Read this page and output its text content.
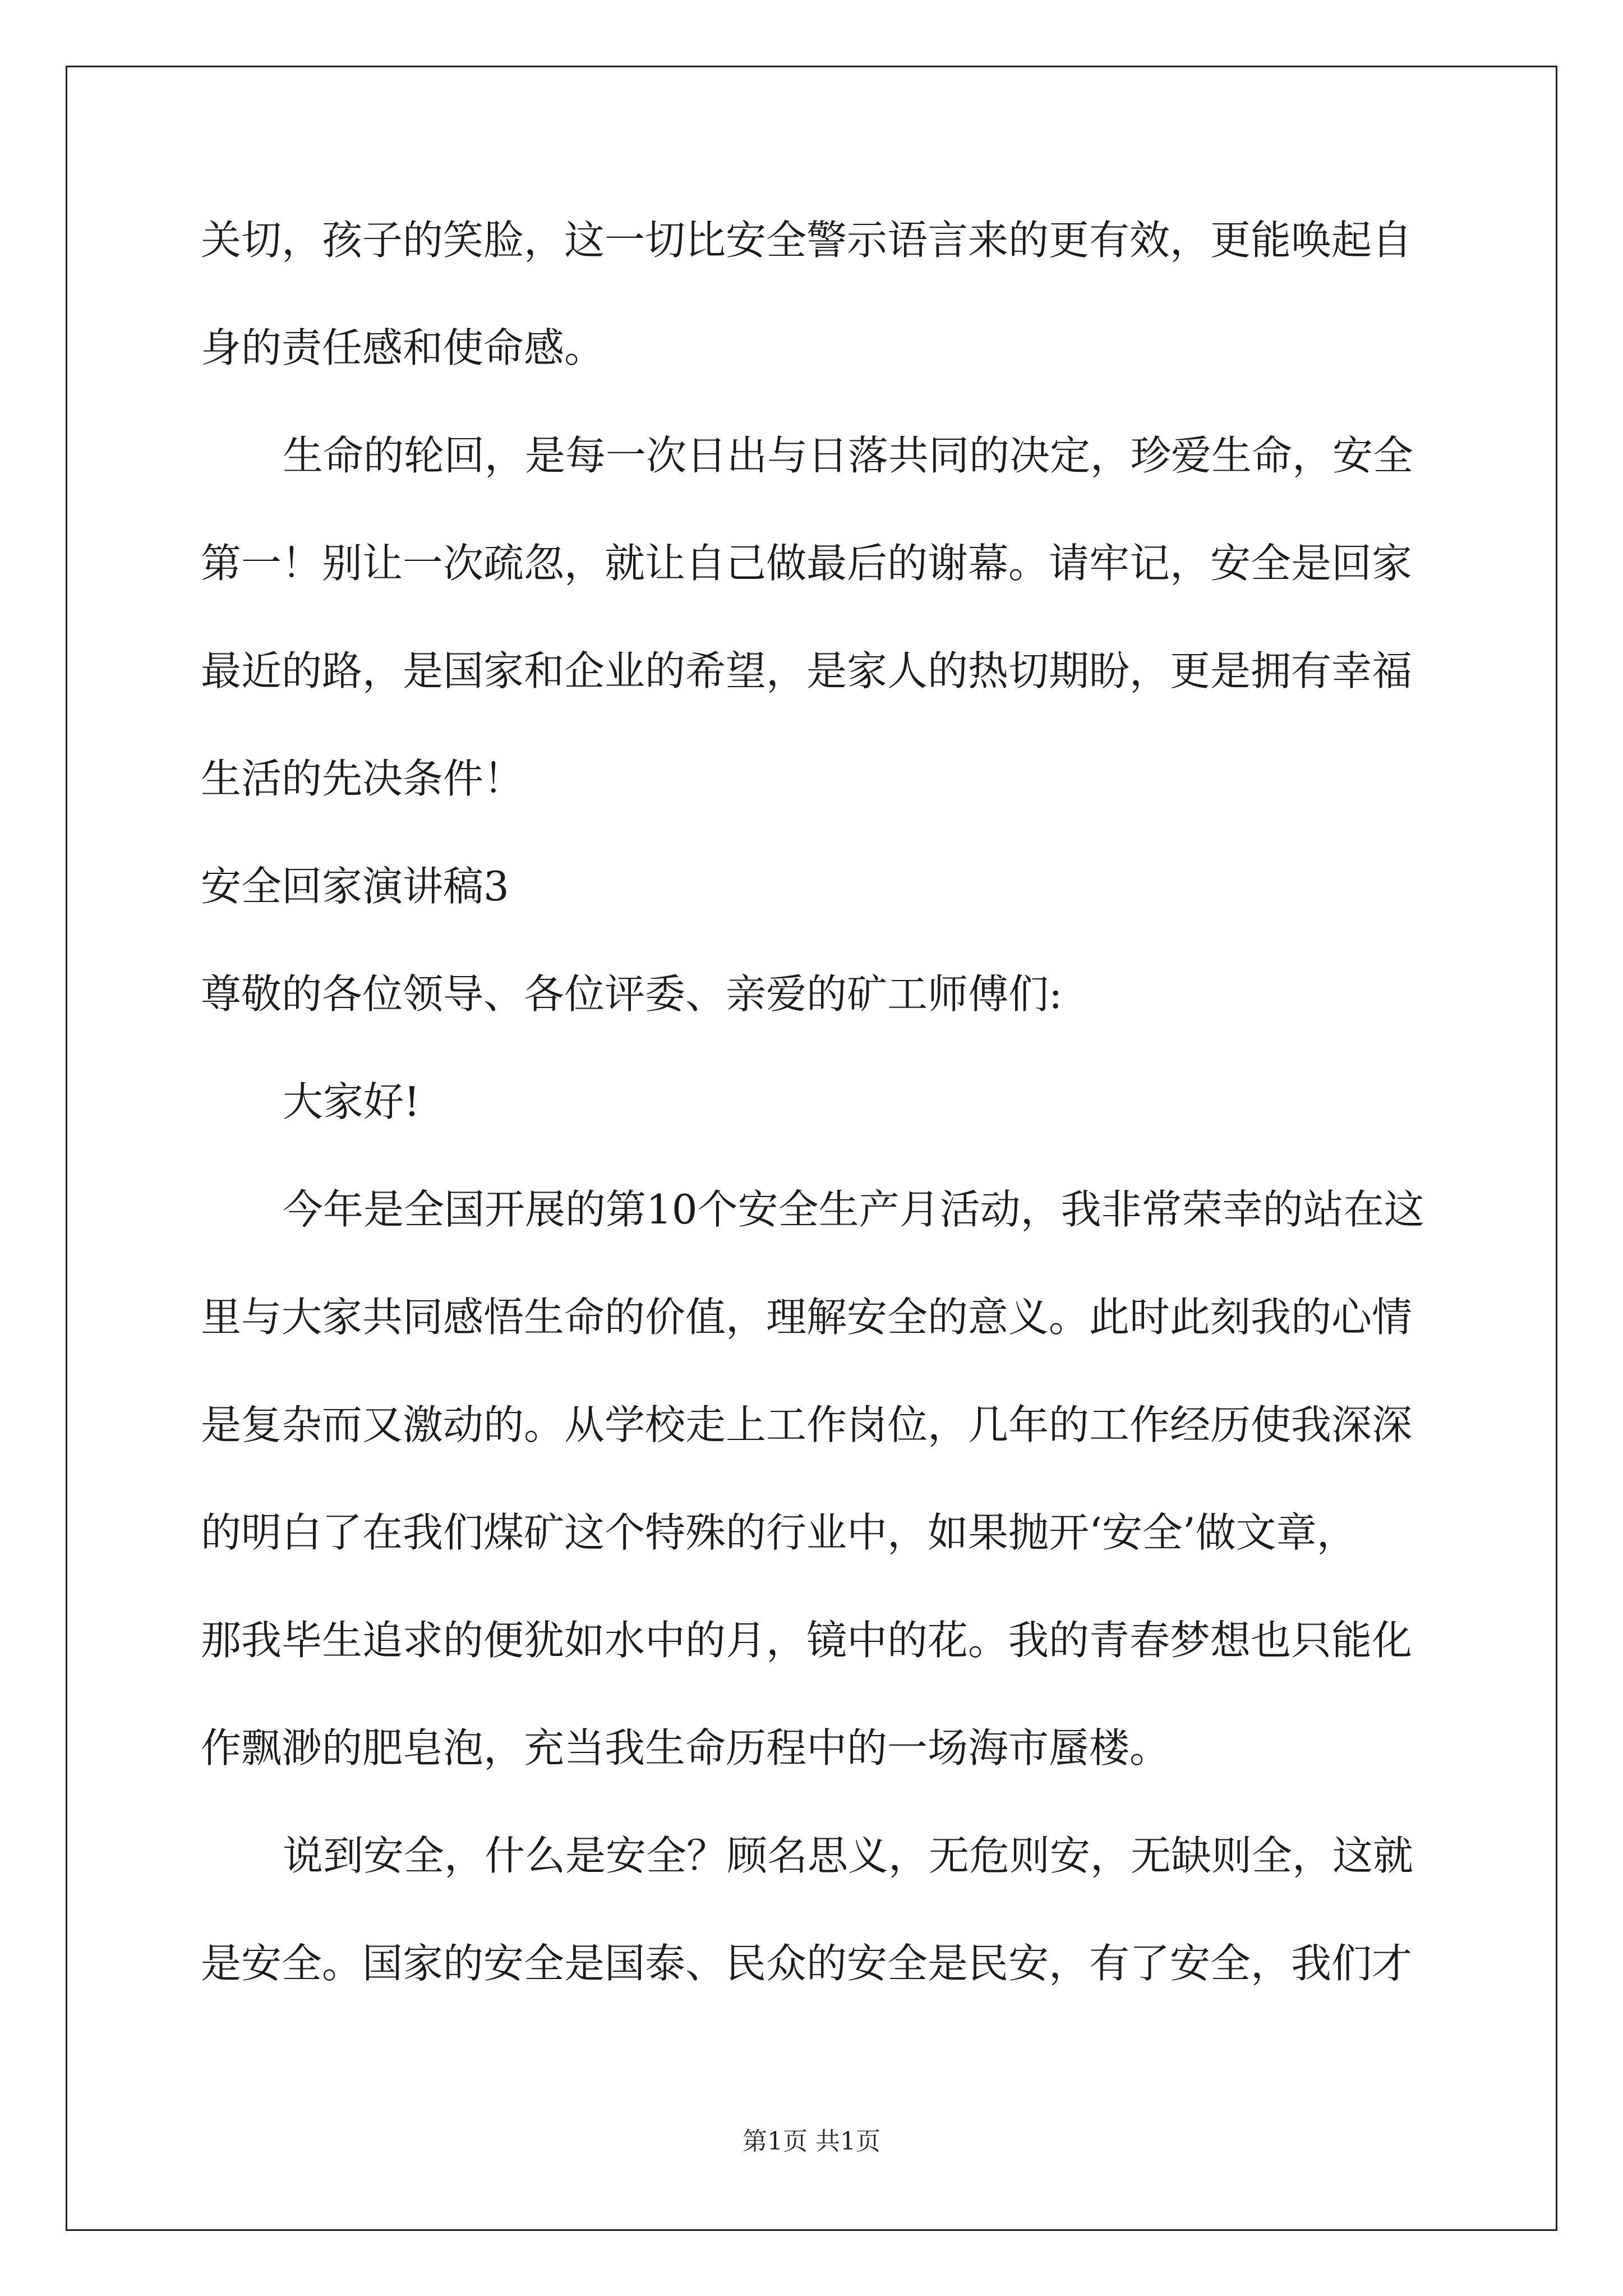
关切，孩子的笑脸，这一切比安全警示语言来的更有效，更能唤起自

身的责任感和使命感。

生命的轮回，是每一次日出与日落共同的决定，珍爱生命，安全

第一！别让一次疏忽，就让自己做最后的谢幕。请牢记，安全是回家

最近的路，是国家和企业的希望，是家人的热切期盼，更是拥有幸福

生活的先决条件！

安全回家演讲稿3

尊敬的各位领导、各位评委、亲爱的矿工师傅们:

大家好!

今年是全国开展的第10个安全生产月活动，我非常荣幸的站在这

里与大家共同感悟生命的价值，理解安全的意义。此时此刻我的心情

是复杂而又激动的。从学校走上工作岗位，几年的工作经历使我深深

的明白了在我们煤矿这个特殊的行业中，如果抛开‘安全’做文章，

那我毕生追求的便犹如水中的月，镜中的花。我的青春梦想也只能化

作飘渺的肥皂泡，充当我生命历程中的一场海市蜃楼。

说到安全，什么是安全？顾名思义，无危则安，无缺则全，这就

是安全。国家的安全是国泰、民众的安全是民安，有了安全，我们才

第1页 共1页
